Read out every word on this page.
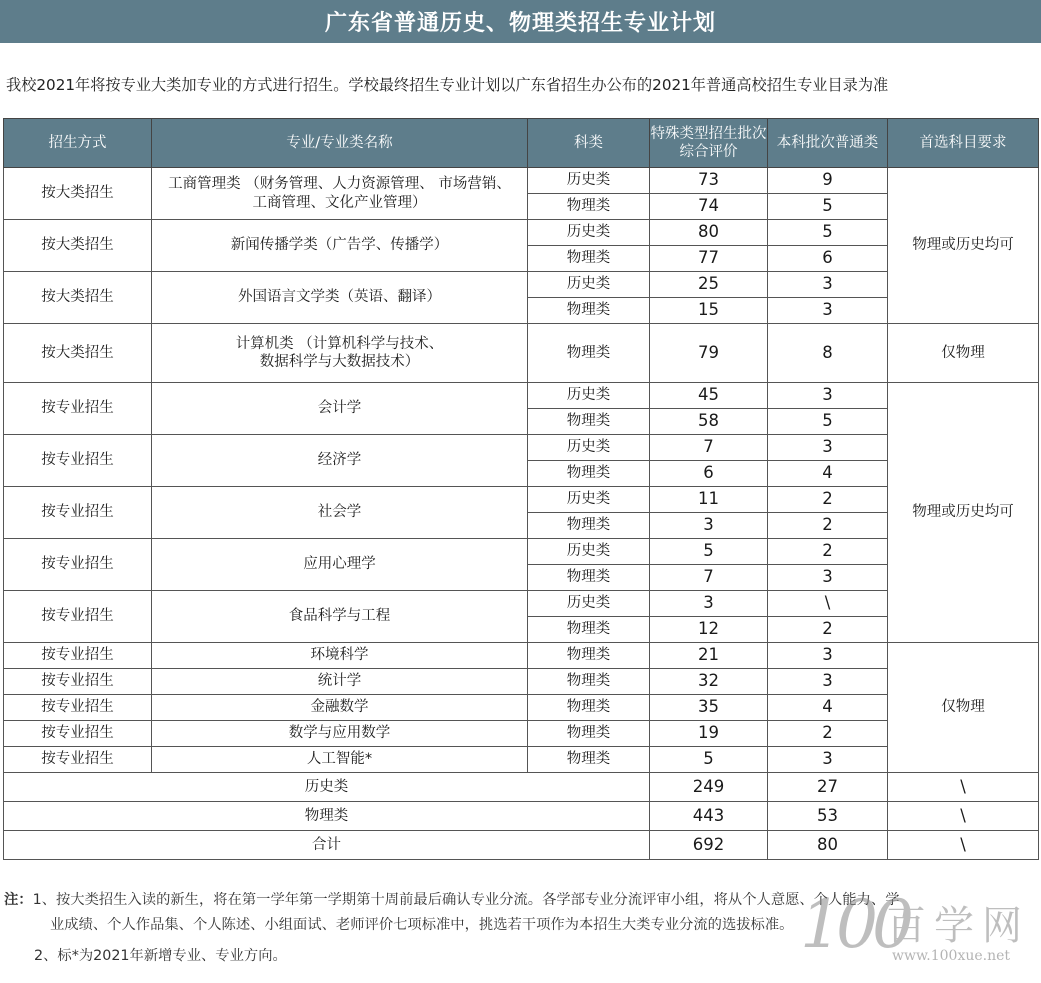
广东省普通历史、物理类招生专业计划
我校2021年将按专业大类加专业的方式进行招生。学校最终招生专业计划以广东省招生办公布的2021年普通高校招生专业目录为准
招生方式	专业/专业类名称	科类	特殊类型招生批次综合评价	本科批次普通类	首选科目要求
按大类招生	工商管理类 （财务管理、人力资源管理、 市场营销、
工商管理、文化产业管理）	历史类	73	9	物理或历史均可
		物理类	74	5	
按大类招生	新闻传播学类（广告学、传播学）	历史类	80	5	
		物理类	77	6	
按大类招生	外国语言文学类（英语、翻译）	历史类	25	3	
		物理类	15	3	
按大类招生	计算机类 （计算机科学与技术、
数据科学与大数据技术）	物理类	79	8	仅物理
按专业招生	会计学	历史类	45	3	物理或历史均可
		物理类	58	5	
按专业招生	经济学	历史类	7	3	
		物理类	6	4	
按专业招生	社会学	历史类	11	2	
		物理类	3	2	
按专业招生	应用心理学	历史类	5	2	
		物理类	7	3	
按专业招生	食品科学与工程	历史类	3	\	
		物理类	12	2	
按专业招生	环境科学	物理类	21	3	仅物理
按专业招生	统计学	物理类	32	3	
按专业招生	金融数学	物理类	35	4	
按专业招生	数学与应用数学	物理类	19	2	
按专业招生	人工智能*	物理类	5	3	
历史类			249	27	\
物理类			443	53	\
合计			692	80	\
注：1、按大类招生入读的新生，将在第一学年第一学期第十周前最后确认专业分流。各学部专业分流评审小组，将从个人意愿、个人能力、学
业成绩、个人作品集、个人陈述、小组面试、老师评价七项标准中，挑选若干项作为本招生大类专业分流的选拔标准。
2、标*为2021年新增专业、专业方向。	100
百学网
www.100xue.net
